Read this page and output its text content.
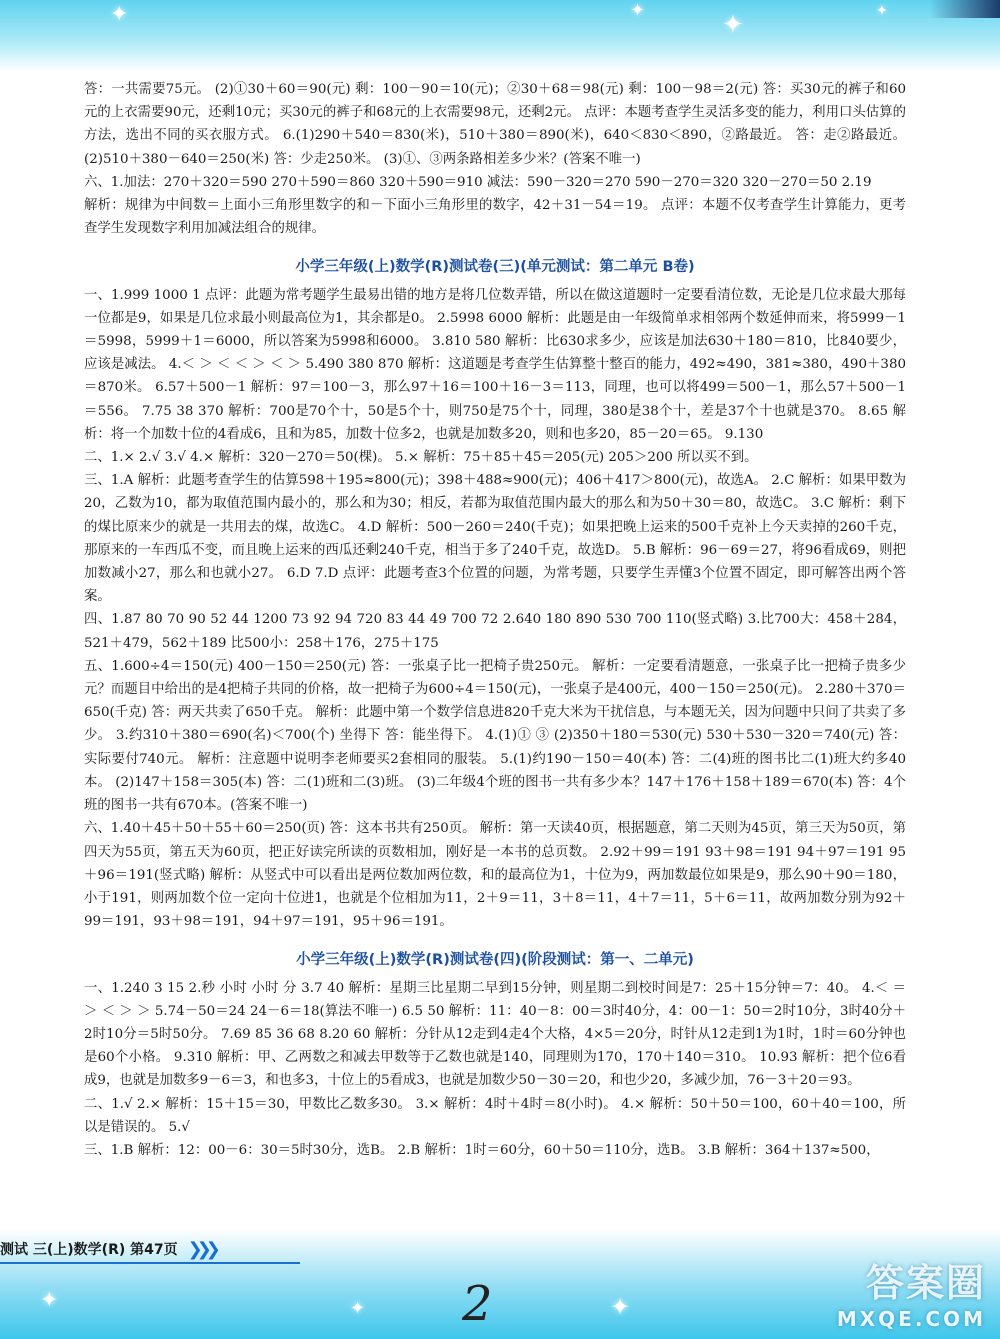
✦	✦	✦	✦
✦	✦	✦

答：一共需要75元。 (2)①30＋60＝90(元) 剩：100－90＝10(元)；②30＋68＝98(元) 剩：100－98＝2(元) 答：买30元的裤子和60元的上衣需要90元，还剩10元；买30元的裤子和68元的上衣需要98元，还剩2元。 点评：本题考查学生灵活多变的能力，利用口头估算的方法，选出不同的买衣服方式。 6.(1)290＋540＝830(米)，510＋380＝890(米)，640＜830＜890，②路最近。 答：走②路最近。 (2)510＋380－640＝250(米) 答：少走250米。 (3)①、③两条路相差多少米？(答案不唯一)

六、1.加法：270＋320＝590 270＋590＝860 320＋590＝910 减法：590－320＝270 590－270＝320 320－270＝50 2.19

解析：规律为中间数＝上面小三角形里数字的和－下面小三角形里的数字，42＋31－54＝19。 点评：本题不仅考查学生计算能力，更考查学生发现数字利用加减法组合的规律。

小学三年级(上)数学(R)测试卷(三)(单元测试：第二单元 B卷)

一、1.999 1000 1 点评：此题为常考题学生最易出错的地方是将几位数弄错，所以在做这道题时一定要看清位数，无论是几位求最大那每一位都是9，如果是几位求最小则最高位为1，其余都是0。 2.5998 6000 解析：此题是由一年级简单求相邻两个数延伸而来，将5999－1＝5998，5999＋1＝6000，所以答案为5998和6000。 3.810 580 解析：比630求多少，应该是加法630＋180＝810，比840要少，应该是减法。 4.＜ ＞ ＜ ＜ ＞ ＜ ＞ 5.490 380 870 解析：这道题是考查学生估算整十整百的能力，492≈490，381≈380，490＋380＝870米。 6.57＋500－1 解析：97＝100－3，那么97＋16＝100＋16－3＝113，同理，也可以将499＝500－1，那么57＋500－1＝556。 7.75 38 370 解析：700是70个十，50是5个十，则750是75个十，同理，380是38个十，差是37个十也就是370。 8.65 解析：将一个加数十位的4看成6，且和为85，加数十位多2，也就是加数多20，则和也多20，85－20＝65。 9.130

二、1.× 2.√ 3.√ 4.× 解析：320－270＝50(棵)。 5.× 解析：75＋85＋45＝205(元) 205＞200 所以买不到。

三、1.A 解析：此题考查学生的估算598＋195≈800(元)；398＋488≈900(元)；406＋417＞800(元)，故选A。 2.C 解析：如果甲数为20，乙数为10，都为取值范围内最小的，那么和为30；相反，若都为取值范围内最大的那么和为50＋30＝80，故选C。 3.C 解析：剩下的煤比原来少的就是一共用去的煤，故选C。 4.D 解析：500－260＝240(千克)；如果把晚上运来的500千克补上今天卖掉的260千克，那原来的一车西瓜不变，而且晚上运来的西瓜还剩240千克，相当于多了240千克，故选D。 5.B 解析：96－69＝27，将96看成69，则把加数减小27，那么和也就小27。 6.D 7.D 点评：此题考查3个位置的问题，为常考题，只要学生弄懂3个位置不固定，即可解答出两个答案。

四、1.87 80 70 90 52 44 1200 73 92 94 720 83 44 49 700 72 2.640 180 890 530 700 110(竖式略) 3.比700大：458＋284，521＋479，562＋189 比500小：258＋176，275＋175

五、1.600÷4＝150(元) 400－150＝250(元) 答：一张桌子比一把椅子贵250元。 解析：一定要看清题意，一张桌子比一把椅子贵多少元？而题目中给出的是4把椅子共同的价格，故一把椅子为600÷4＝150(元)，一张桌子是400元，400－150＝250(元)。 2.280＋370＝650(千克) 答：两天共卖了650千克。 解析：此题中第一个数学信息进820千克大米为干扰信息，与本题无关，因为问题中只问了共卖了多少。 3.约310＋380＝690(名)＜700(个) 坐得下 答：能坐得下。 4.(1)① ③ (2)350＋180＝530(元) 530＋530－320＝740(元) 答：实际要付740元。 解析：注意题中说明李老师要买2套相同的服装。 5.(1)约190－150＝40(本) 答：二(4)班的图书比二(1)班大约多40本。 (2)147＋158＝305(本) 答：二(1)班和二(3)班。 (3)二年级4个班的图书一共有多少本？147＋176＋158＋189＝670(本) 答：4个班的图书一共有670本。(答案不唯一)

六、1.40＋45＋50＋55＋60＝250(页) 答：这本书共有250页。 解析：第一天读40页，根据题意，第二天则为45页，第三天为50页，第四天为55页，第五天为60页，把正好读完所读的页数相加，刚好是一本书的总页数。 2.92＋99＝191 93＋98＝191 94＋97＝191 95＋96＝191(竖式略) 解析：从竖式中可以看出是两位数加两位数，和的最高位为1，十位为9，两加数最位如果是9，那么90＋90＝180，小于191，则两加数个位一定向十位进1，也就是个位相加为11，2＋9＝11，3＋8＝11，4＋7＝11，5＋6＝11，故两加数分别为92＋99＝191，93＋98＝191，94＋97＝191，95＋96＝191。

小学三年级(上)数学(R)测试卷(四)(阶段测试：第一、二单元)

一、1.240 3 15 2.秒 小时 小时 分 3.7 40 解析：星期三比星期二早到15分钟，则星期二到校时间是7：25＋15分钟＝7：40。 4.＜ ＝ ＞ ＜ ＞ ＞ 5.74－50＝24 24－6＝18(算法不唯一) 6.5 50 解析：11：40－8：00＝3时40分，4：00－1：50＝2时10分，3时40分＋2时10分＝5时50分。 7.69 85 36 68 8.20 60 解析：分针从12走到4走4个大格，4×5＝20分，时针从12走到1为1时，1时＝60分钟也是60个小格。 9.310 解析：甲、乙两数之和减去甲数等于乙数也就是140，同理则为170，170＋140＝310。 10.93 解析：把个位6看成9，也就是加数多9－6＝3，和也多3，十位上的5看成3，也就是加数少50－30＝20，和也少20，多减少加，76－3＋20＝93。

二、1.√ 2.× 解析：15＋15＝30，甲数比乙数多30。 3.× 解析：4时＋4时＝8(小时)。 4.× 解析：50＋50＝100，60＋40＝100，所以是错误的。 5.√

三、1.B 解析：12：00－6：30＝5时30分，选B。 2.B 解析：1时＝60分，60＋50＝110分，选B。 3.B 解析：364＋137≈500，

测试 三(上)数学(R) 第47页 ❯❯❯
2	答案圈
MXQE.COM
